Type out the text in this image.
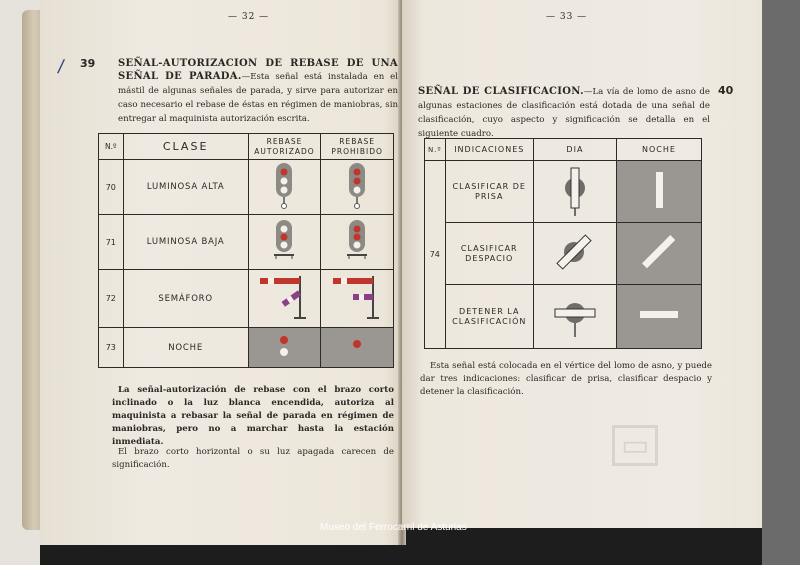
— 32 —
/ 39 SEÑAL-AUTORIZACION DE REBASE DE UNA SEÑAL DE PARADA.—Esta señal está instalada en el mástil de algunas señales de parada, y sirve para autorizar en caso necesario el rebase de éstas en régimen de maniobras, sin entregar al maquinista autorización escrita.
N.º	CLASE	REBASE AUTORIZADO	REBASE PROHIBIDO
70	LUMINOSA ALTA		
71	LUMINOSA BAJA		
72	SEMÁFORO		
73	NOCHE		
La señal-autorización de rebase con el brazo corto inclinado o la luz blanca encendida, autoriza al maquinista a rebasar la señal de parada en régimen de maniobras, pero no a marchar hasta la estación inmediata.
El brazo corto horizontal o su luz apagada carecen de significación.
▭
— 33 —
40
SEÑAL DE CLASIFICACION.—La vía de lomo de asno de algunas estaciones de clasificación está dotada de una señal de clasificación, cuyo aspecto y significación se detalla en el siguiente cuadro.
N.º	INDICACIONES	DIA	NOCHE
74	CLASIFICAR DE PRISA		
	CLASIFICAR DESPACIO		
	DETENER LA CLASIFICACIÓN		
Esta señal está colocada en el vértice del lomo de asno, y puede dar tres indicaciones: clasificar de prisa, clasificar despacio y detener la clasificación.
Museo del Ferrocarril de Asturias
